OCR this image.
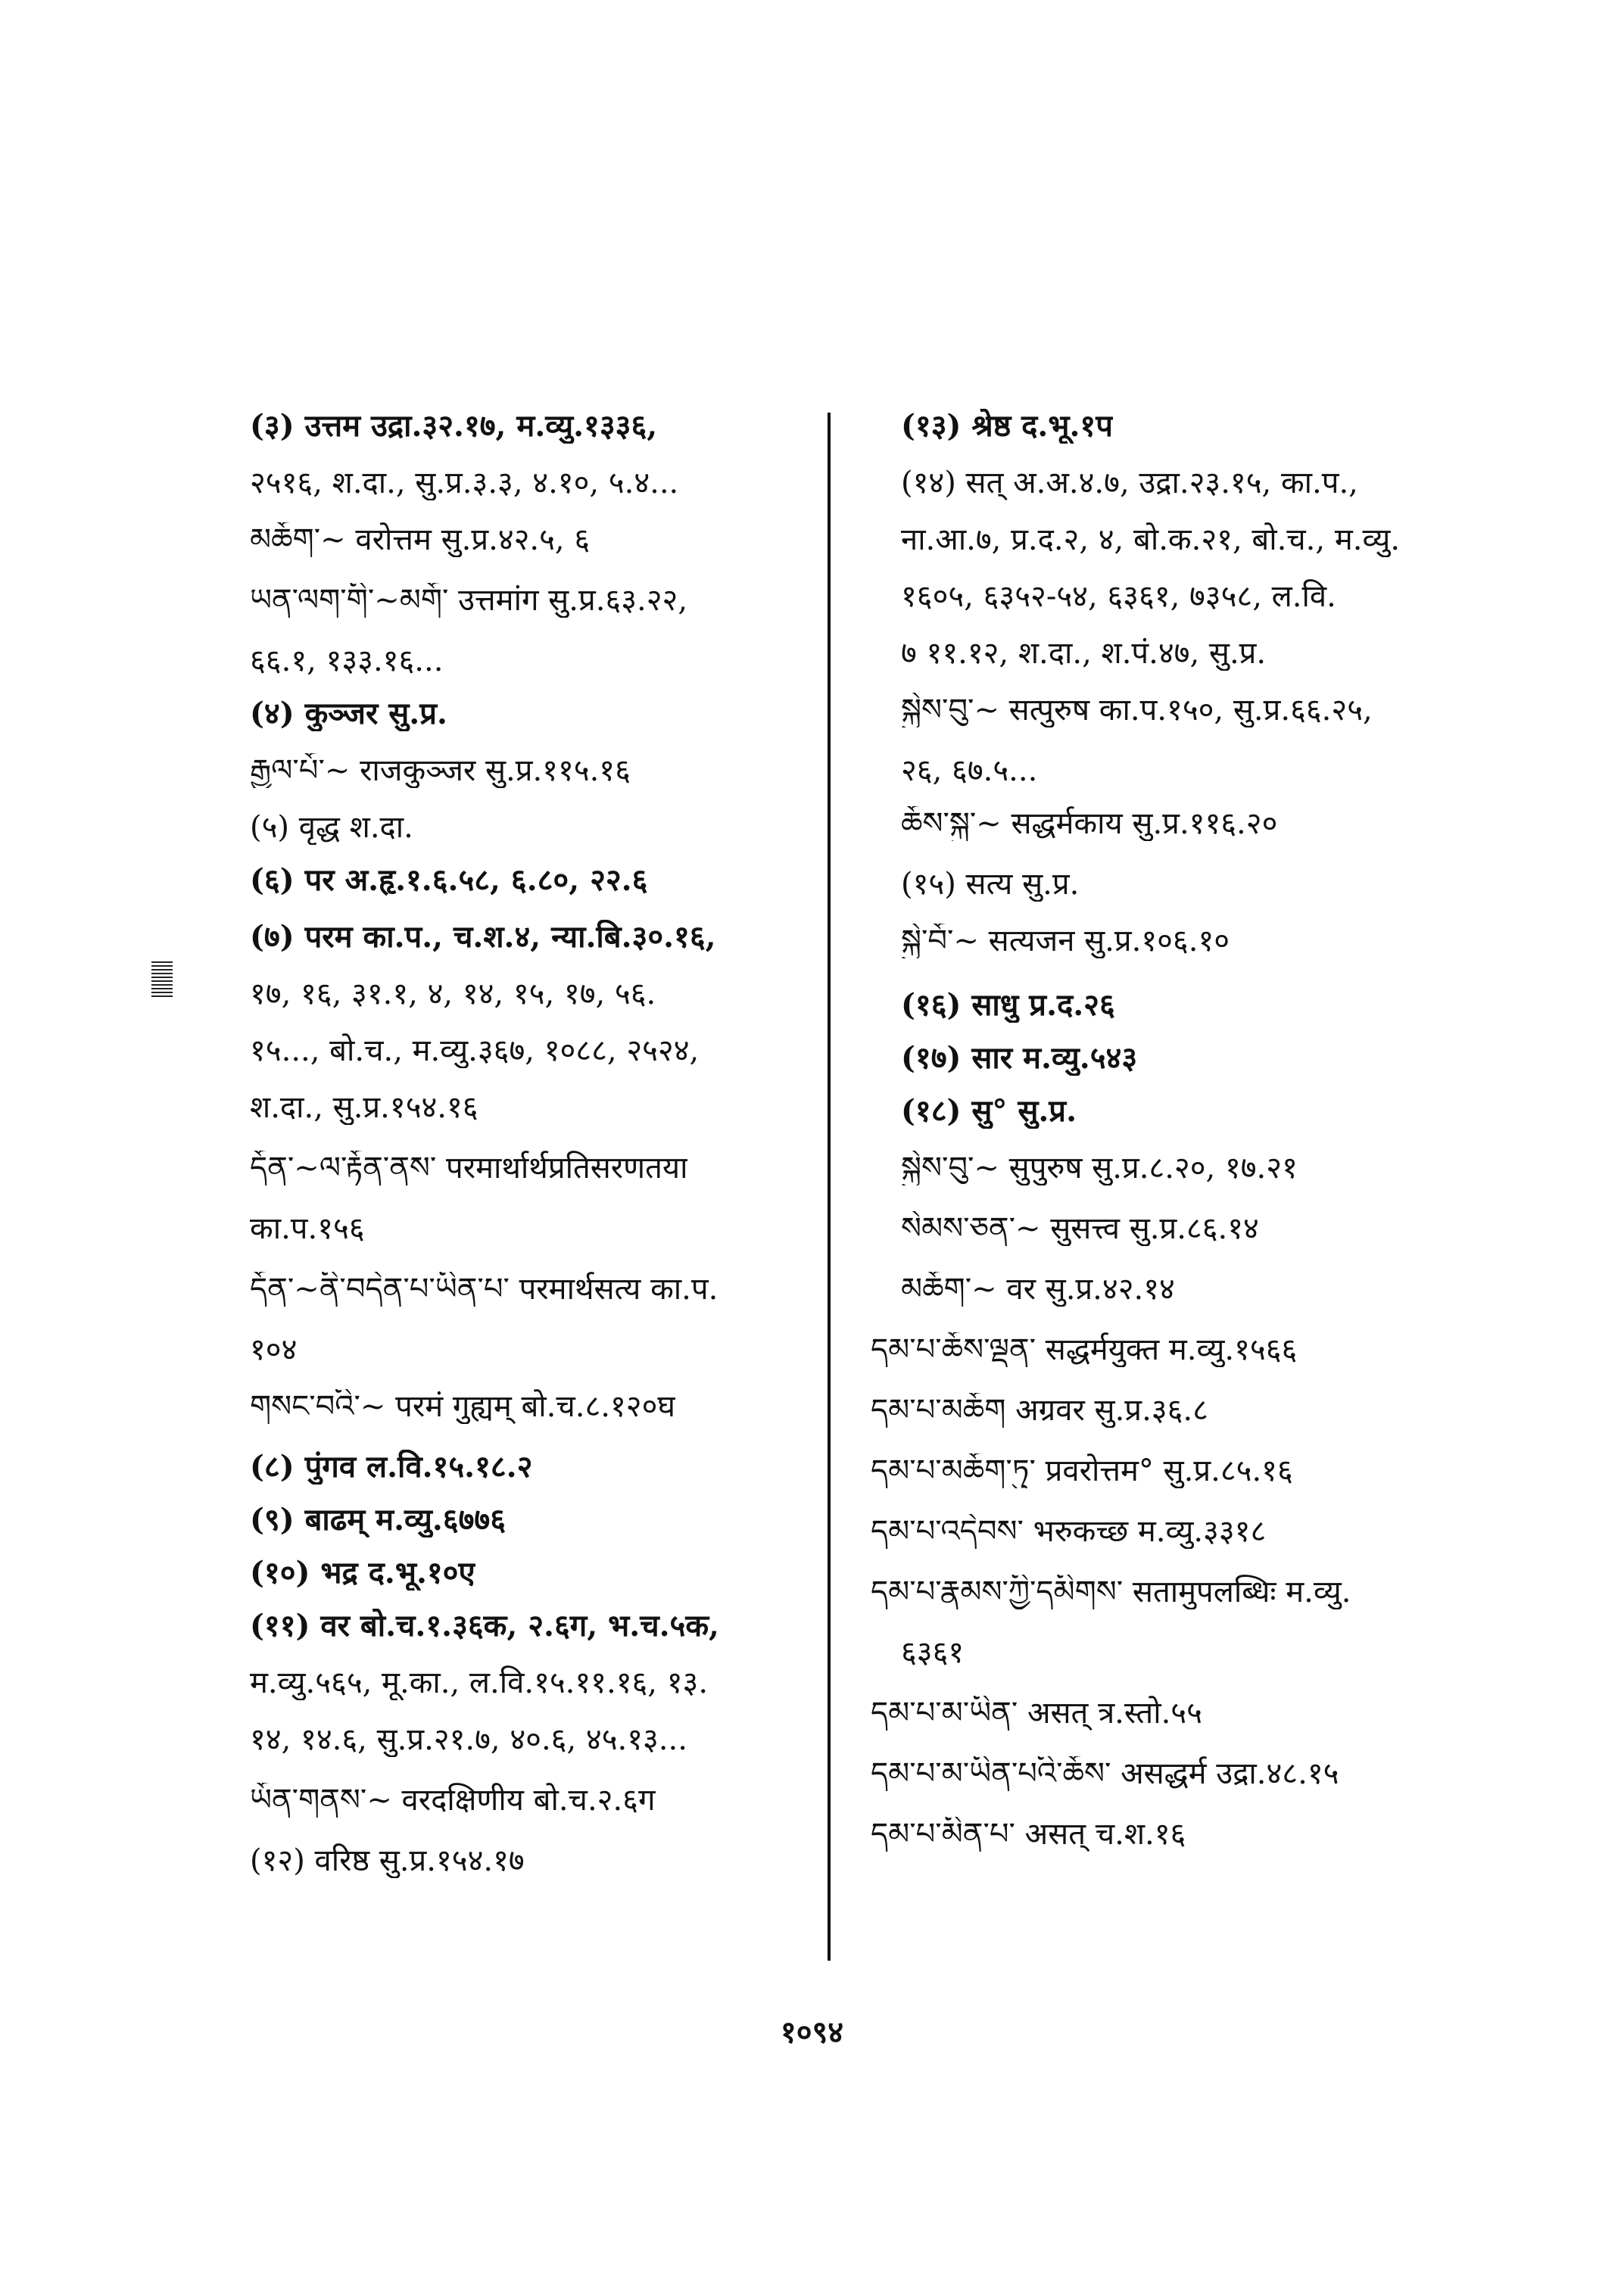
(३) उत्तम उद्रा.३२.१७, म.व्यु.१३३६,
२५१६, श.दा., सु.प्र.३.३, ४.१०, ५.४...
མཆོག་~ वरोत्तम सु.प्र.४२.५, ६
ཡན་ལག་གི་~མགོ་ उत्तमांग सु.प्र.६३.२२,
६६.१, १३३.१६...
(४) कुञ्जर सु.प्र.
རྒྱལ་པོ་~ राजकुञ्जर सु.प्र.११५.१६
(५) वृद्ध श.दा.
(६) पर अ.हृ.१.६.५८, ६.८०, २२.६
(७) परम का.प., च.श.४, न्या.बि.३०.१६,
१७, १६, ३१.१, ४, १४, १५, १७, ५६.
१५..., बो.च., म.व्यु.३६७, १०८८, २५२४,
श.दा., सु.प्र.१५४.१६
དོན་~ལ་རྟོན་ནས་ परमार्थार्थप्रतिसरणतया
का.प.१५६
དོན་~ནི་བདེན་པ་ཡིན་པ་ परमार्थसत्य का.प.
१०४
གསང་བའི་~ परमं गुह्यम् बो.च.८.१२०घ
(८) पुंगव ल.वि.१५.१८.२
(९) बाढम् म.व्यु.६७७६
(१०) भद्र द.भू.१०ए
(११) वर बो.च.१.३६क, २.६ग, भ.च.५क,
म.व्यु.५६५, मू.का., ल.वि.१५.११.१६, १३.
१४, १४.६, सु.प्र.२१.७, ४०.६, ४५.१३...
ཡོན་གནས་~ वरदक्षिणीय बो.च.२.६ग
(१२) वरिष्ठ सु.प्र.१५४.१७
(१३) श्रेष्ठ द.भू.१प
(१४) सत् अ.अ.४.७, उद्रा.२३.१५, का.प.,
ना.आ.७, प्र.द.२, ४, बो.क.२१, बो.च., म.व्यु.
१६०५, ६३५२-५४, ६३६१, ७३५८, ल.वि.
७ ११.१२, श.दा., श.पं.४७, सु.प्र.
སྐྱེས་བུ་~ सत्पुरुष का.प.१५०, सु.प्र.६६.२५,
२६, ६७.५...
ཆོས་སྐུ་~ सद्धर्मकाय सु.प्र.११६.२०
(१५) सत्य सु.प्र.
སྐྱེ་བོ་~ सत्यजन सु.प्र.१०६.१०
(१६) साधु प्र.द.२६
(१७) सार म.व्यु.५४३
(१८) सु° सु.प्र.
སྐྱེས་བུ་~ सुपुरुष सु.प्र.८.२०, १७.२१
སེམས་ཅན་~ सुसत्त्व सु.प्र.८६.१४
མཆོག་~ वर सु.प्र.४२.१४
དམ་པ་ཆོས་ལྡན་ सद्धर्मयुक्त म.व्यु.१५६६
དམ་པ་མཆོག अग्रवर सु.प्र.३६.८
དམ་པ་མཆོག་ཏུ་ प्रवरोत्तम° सु.प्र.८५.१६
དམ་པ་འདེབས་ भरुकच्छ म.व्यु.३३१८
དམ་པ་རྣམས་ཀྱི་དམིགས་ सतामुपलब्धिः म.व्यु.
६३६१
དམ་པ་མ་ཡིན་ असत् त्र.स्तो.५५
དམ་པ་མ་ཡིན་པའི་ཆོས་ असद्धर्म उद्रा.४८.१५
དམ་པ་མིན་པ་ असत् च.श.१६
१०९४
